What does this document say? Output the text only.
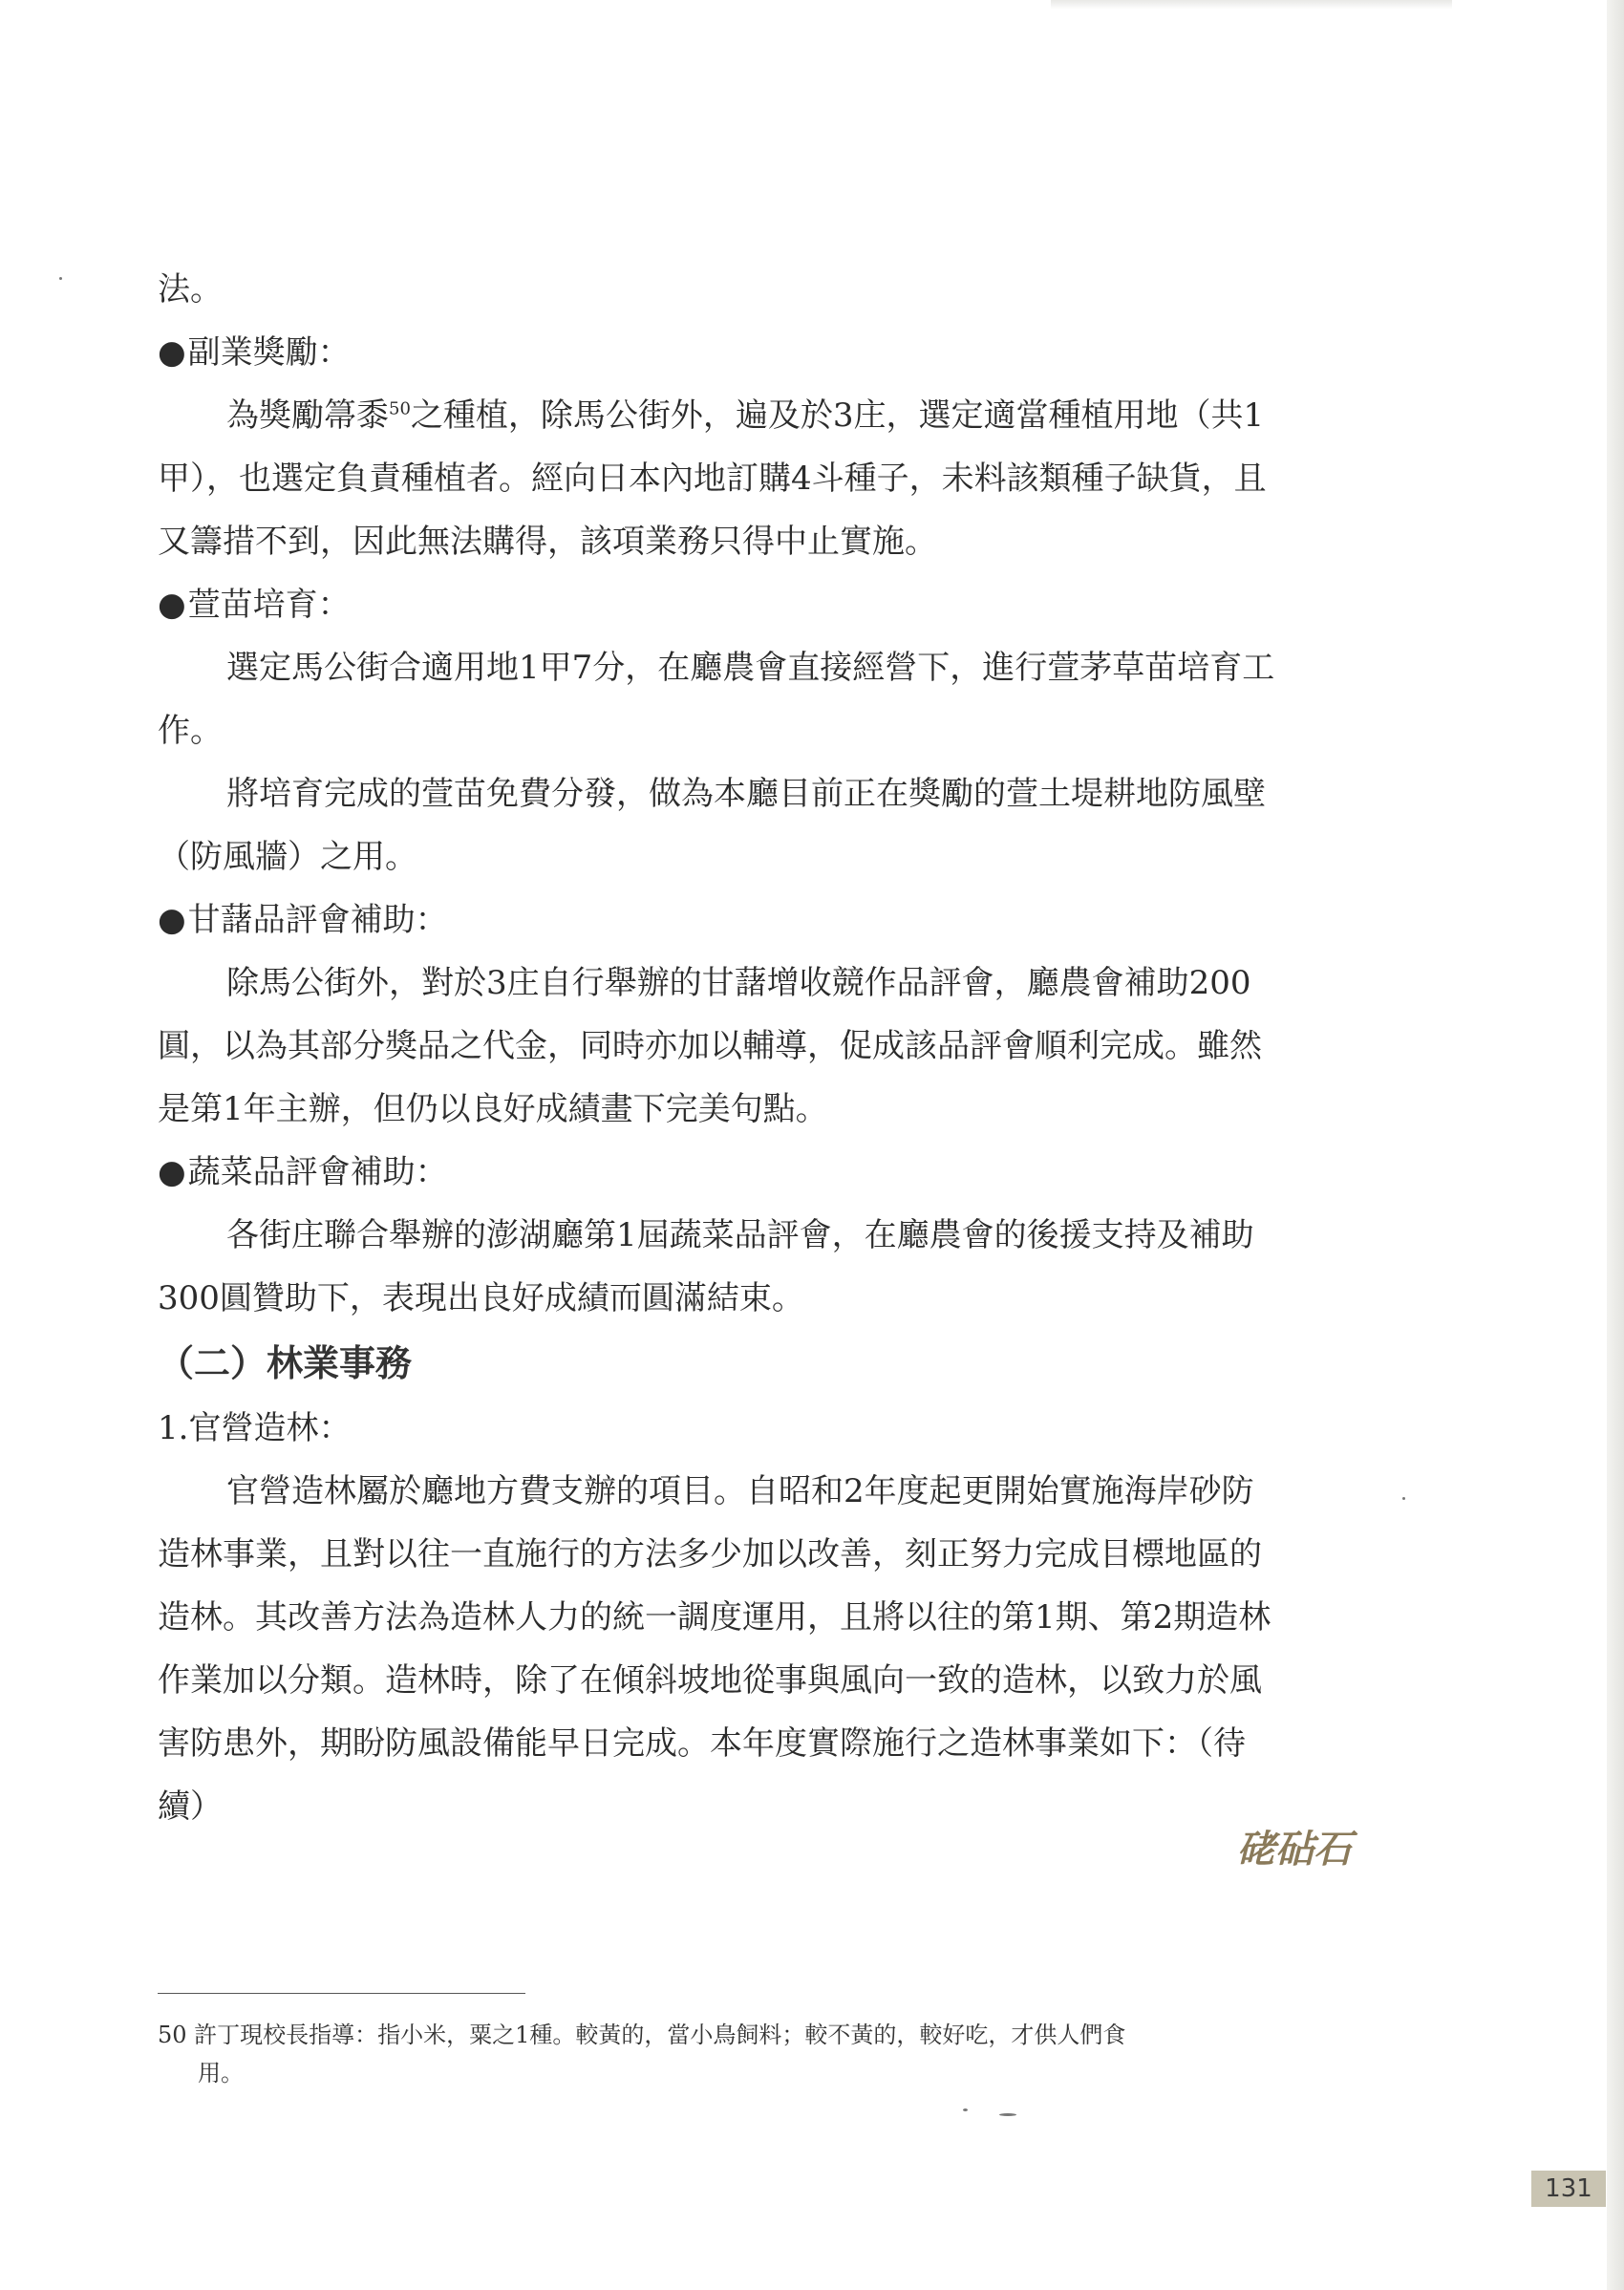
法。

●副業獎勵：

為獎勵箒黍$^{50}$之種植，除馬公街外，遍及於3庄，選定適當種植用地（共1

甲），也選定負責種植者。經向日本內地訂購4斗種子，未料該類種子缺貨，且

又籌措不到，因此無法購得，該項業務只得中止實施。

●萱苗培育：

選定馬公街合適用地1甲7分，在廳農會直接經營下，進行萱茅草苗培育工

作。

將培育完成的萱苗免費分發，做為本廳目前正在獎勵的萱土堤耕地防風壁

（防風牆）之用。

●甘藷品評會補助：

除馬公街外，對於3庄自行舉辦的甘藷增收競作品評會，廳農會補助200

圓，以為其部分獎品之代金，同時亦加以輔導，促成該品評會順利完成。雖然

是第1年主辦，但仍以良好成績畫下完美句點。

●蔬菜品評會補助：

各街庄聯合舉辦的澎湖廳第1屆蔬菜品評會，在廳農會的後援支持及補助

300圓贊助下，表現出良好成績而圓滿結束。

（二）林業事務

1.官營造林：

官營造林屬於廳地方費支辦的項目。自昭和2年度起更開始實施海岸砂防

造林事業，且對以往一直施行的方法多少加以改善，刻正努力完成目標地區的

造林。其改善方法為造林人力的統一調度運用，且將以往的第1期、第2期造林

作業加以分類。造林時，除了在傾斜坡地從事與風向一致的造林，以致力於風

害防患外，期盼防風設備能早日完成。本年度實際施行之造林事業如下：（待

續）

硓砧石
50 許丁現校長指導：指小米，粟之1種。較黃的，當小鳥飼料；較不黃的，較好吃，才供人們食
用。
131
